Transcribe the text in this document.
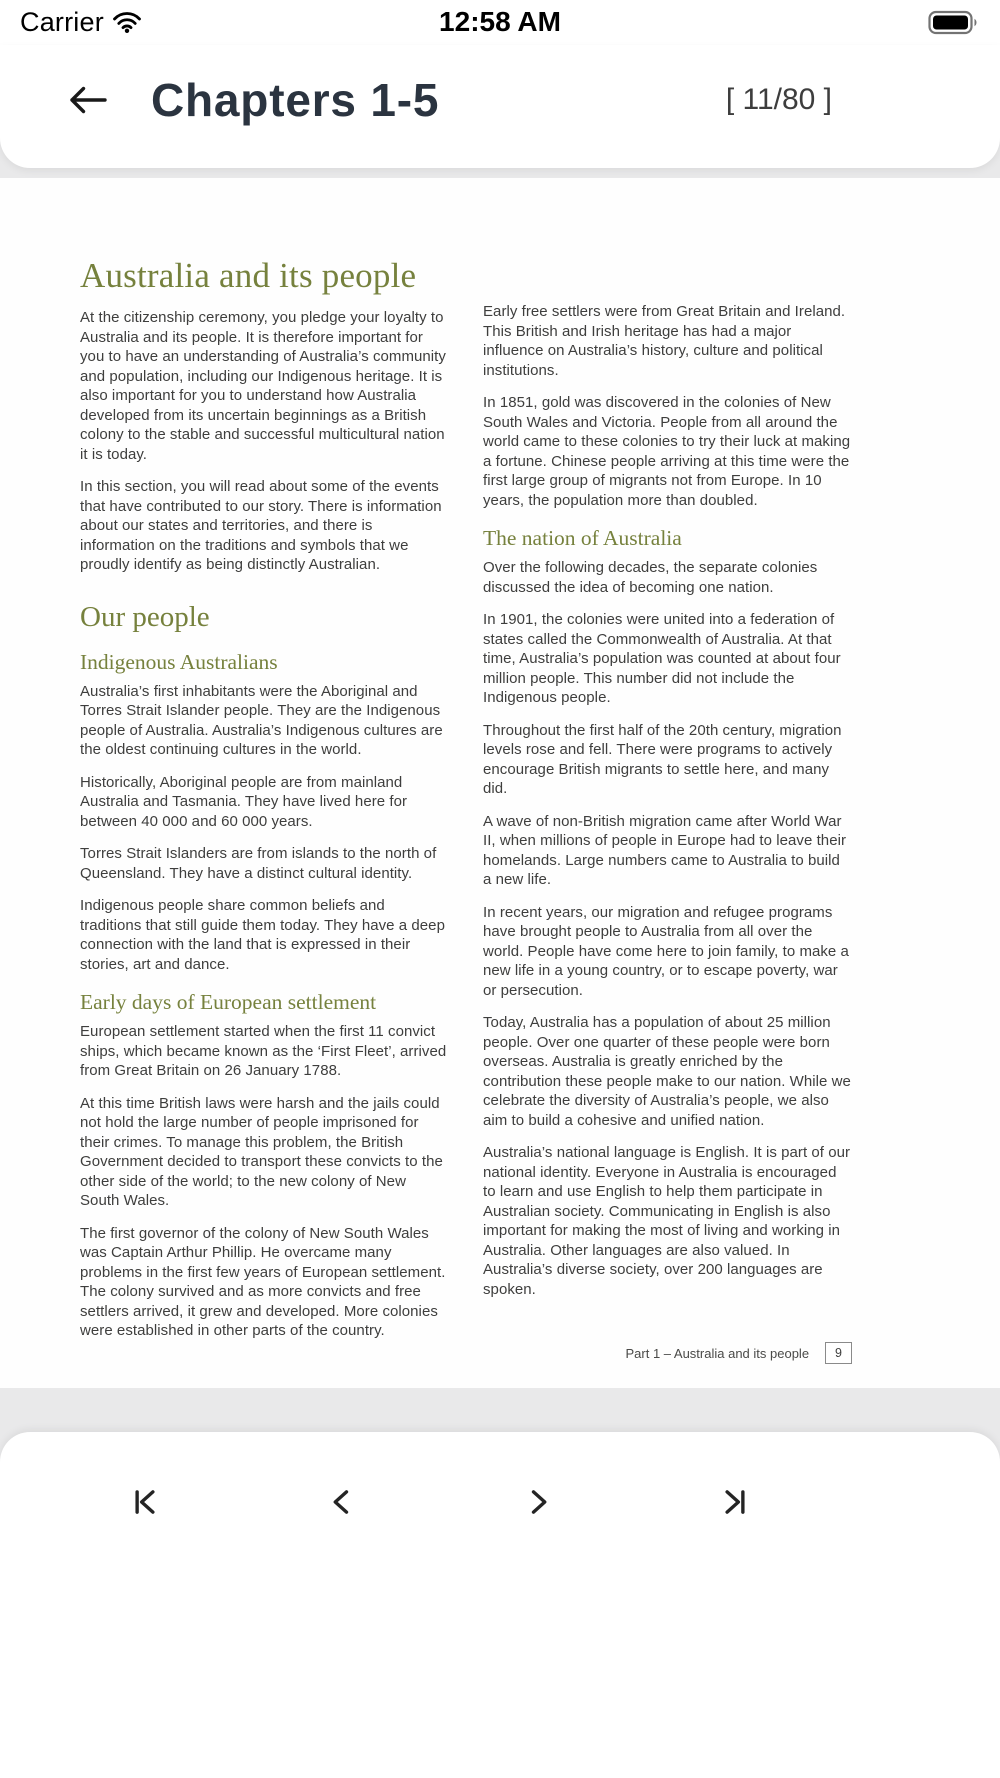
Carrier	12:58 AM
Chapters 1-5	[ 11/80 ]
Australia and its people

At the citizenship ceremony, you pledge your loyalty to Australia and its people. It is therefore important for you to have an understanding of Australia’s community and population, including our Indigenous heritage. It is also important for you to understand how Australia developed from its uncertain beginnings as a British colony to the stable and successful multicultural nation it is today.

In this section, you will read about some of the events that have contributed to our story. There is information about our states and territories, and there is information on the traditions and symbols that we proudly identify as being distinctly Australian.

Our people
Indigenous Australians

Australia’s first inhabitants were the Aboriginal and Torres Strait Islander people. They are the Indigenous people of Australia. Australia’s Indigenous cultures are the oldest continuing cultures in the world.

Historically, Aboriginal people are from mainland Australia and Tasmania. They have lived here for between 40 000 and 60 000 years.

Torres Strait Islanders are from islands to the north of Queensland. They have a distinct cultural identity.

Indigenous people share common beliefs and traditions that still guide them today. They have a deep connection with the land that is expressed in their stories, art and dance.

Early days of European settlement

European settlement started when the first 11 convict ships, which became known as the ‘First Fleet’, arrived from Great Britain on 26 January 1788.

At this time British laws were harsh and the jails could not hold the large number of people imprisoned for their crimes. To manage this problem, the British Government decided to transport these convicts to the other side of the world; to the new colony of New South Wales.

The first governor of the colony of New South Wales was Captain Arthur Phillip. He overcame many problems in the first few years of European settlement. The colony survived and as more convicts and free settlers arrived, it grew and developed. More colonies were established in other parts of the country.

Early free settlers were from Great Britain and Ireland. This British and Irish heritage has had a major influence on Australia’s history, culture and political institutions.

In 1851, gold was discovered in the colonies of New South Wales and Victoria. People from all around the world came to these colonies to try their luck at making a fortune. Chinese people arriving at this time were the first large group of migrants not from Europe. In 10 years, the population more than doubled.

The nation of Australia

Over the following decades, the separate colonies discussed the idea of becoming one nation.

In 1901, the colonies were united into a federation of states called the Commonwealth of Australia. At that time, Australia’s population was counted at about four million people. This number did not include the Indigenous people.

Throughout the first half of the 20th century, migration levels rose and fell. There were programs to actively encourage British migrants to settle here, and many did.

A wave of non-British migration came after World War II, when millions of people in Europe had to leave their homelands. Large numbers came to Australia to build a new life.

In recent years, our migration and refugee programs have brought people to Australia from all over the world. People have come here to join family, to make a new life in a young country, or to escape poverty, war or persecution.

Today, Australia has a population of about 25 million people. Over one quarter of these people were born overseas. Australia is greatly enriched by the contribution these people make to our nation. While we celebrate the diversity of Australia’s people, we also aim to build a cohesive and unified nation.

Australia’s national language is English. It is part of our national identity. Everyone in Australia is encouraged to learn and use English to help them participate in Australian society. Communicating in English is also important for making the most of living and working in Australia. Other languages are also valued. In Australia’s diverse society, over 200 languages are spoken.

Part 1 – Australia and its people	9
